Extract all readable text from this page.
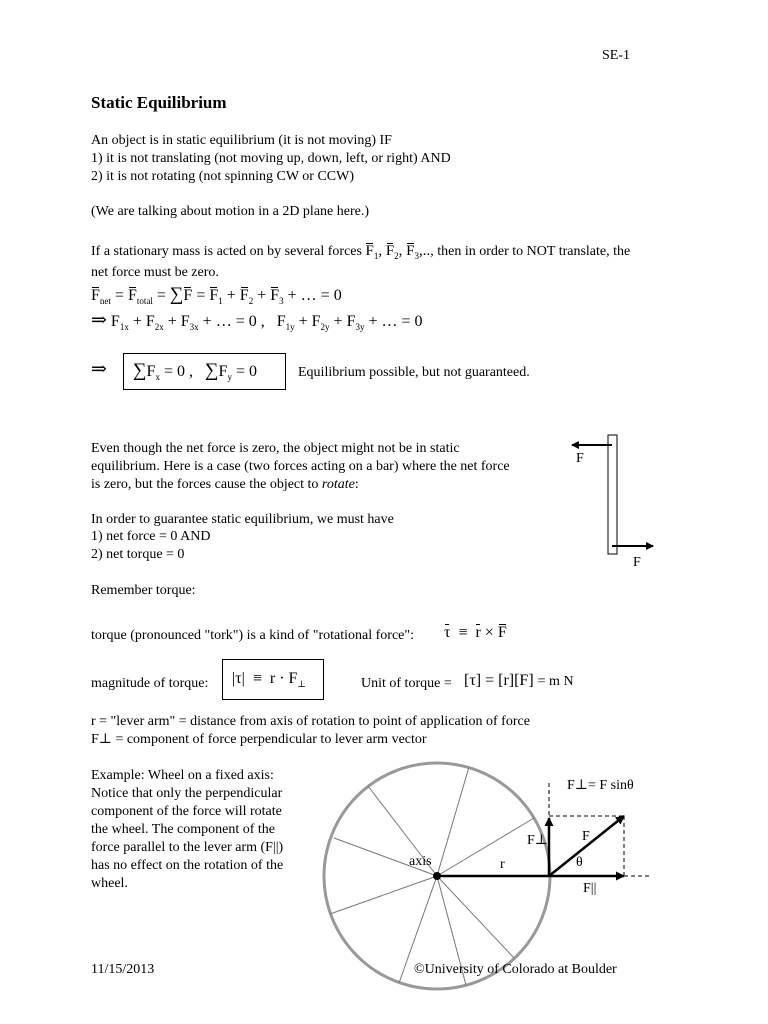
SE-1
Static Equilibrium
An object is in static equilibrium (it is not moving) IF
1) it is not translating (not moving up, down, left, or right) AND
2) it is not rotating (not spinning CW or CCW)
(We are talking about motion in a 2D plane here.)
If a stationary mass is acted on by several forces $F_1$, $F_2$, $F_3$,.., then in order to NOT translate, the
net force must be zero.
$F_{net} = F_{total} = \sum F = F_1 + F_2 + F_3$ + … = 0
⇒ $F_{1x} + F_{2x} + F_{3x}$ + … = 0 ,   $F_{1y} + F_{2y} + F_{3y}$ + … = 0
⇒ $\sum F_x = 0$ ,   $\sum F_y = 0$	Equilibrium possible, but not guaranteed.
Even though the net force is zero, the object might not be in static
equilibrium. Here is a case (two forces acting on a bar) where the net force
is zero, but the forces cause the object to rotate:
F
F
In order to guarantee static equilibrium, we must have
1) net force = 0 AND
2) net torque = 0
Remember torque:
torque (pronounced "tork") is a kind of "rotational force": τ  ≡  r × F
magnitude of torque: $|\tau| \equiv r \cdot F_\perp$	Unit of torque = [τ] = [r][F] = m N
r = "lever arm" = distance from axis of rotation to point of application of force
F⊥ = component of force perpendicular to lever arm vector
Example: Wheel on a fixed axis:
Notice that only the perpendicular
component of the force will rotate
the wheel. The component of the
force parallel to the lever arm (F||)
has no effect on the rotation of the
wheel.
axis	r
F
F⊥
θ
F||
F⊥= F sinθ
11/15/2013	©University of Colorado at Boulder
